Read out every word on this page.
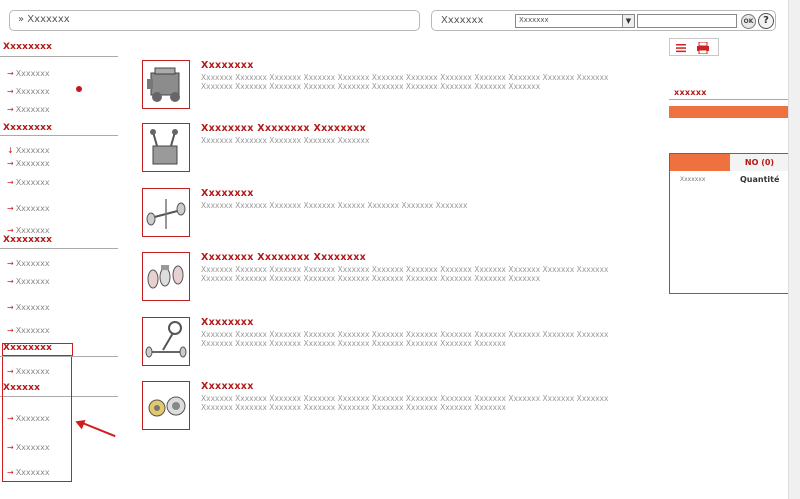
» Xxxxxxx	Xxxxxxx	Xxxxxxx	▼	OK ?
Xxxxxxxx
→ Xxxxxxx
→ Xxxxxxx
→ Xxxxxxx
Xxxxxxxx
↓ Xxxxxxx
→ Xxxxxxx
→ Xxxxxxx
→ Xxxxxxx
→ Xxxxxxx
Xxxxxxxx
→ Xxxxxxx
→ Xxxxxxx
→ Xxxxxxx
→ Xxxxxxx
Xxxxxxxx
→ Xxxxxxx
Xxxxxx
→ Xxxxxxx
→ Xxxxxxx
→ Xxxxxxx
Xxxxxxxx
Xxxxxxx Xxxxxxx Xxxxxxx Xxxxxxx Xxxxxxx Xxxxxxx Xxxxxxx Xxxxxxx Xxxxxxx Xxxxxxx Xxxxxxx Xxxxxxx Xxxxxxx Xxxxxxx Xxxxxxx Xxxxxxx Xxxxxxx Xxxxxxx Xxxxxxx Xxxxxxx Xxxxxxx Xxxxxxx
Xxxxxxxx Xxxxxxxx Xxxxxxxx
Xxxxxxx Xxxxxxx Xxxxxxx Xxxxxxx Xxxxxxx
Xxxxxxxx
Xxxxxxx Xxxxxxx Xxxxxxx Xxxxxxx Xxxxxx Xxxxxxx Xxxxxxx Xxxxxxx
Xxxxxxxx Xxxxxxxx Xxxxxxxx
Xxxxxxx Xxxxxxx Xxxxxxx Xxxxxxx Xxxxxxx Xxxxxxx Xxxxxxx Xxxxxxx Xxxxxxx Xxxxxxx Xxxxxxx Xxxxxxx Xxxxxxx Xxxxxxx Xxxxxxx Xxxxxxx Xxxxxxx Xxxxxxx Xxxxxxx Xxxxxxx Xxxxxxx Xxxxxxx
Xxxxxxxx
Xxxxxxx Xxxxxxx Xxxxxxx Xxxxxxx Xxxxxxx Xxxxxxx Xxxxxxx Xxxxxxx Xxxxxxx Xxxxxxx Xxxxxxx Xxxxxxx Xxxxxxx Xxxxxxx Xxxxxxx Xxxxxxx Xxxxxxx Xxxxxxx Xxxxxxx Xxxxxxx Xxxxxxx
Xxxxxxxx
Xxxxxxx Xxxxxxx Xxxxxxx Xxxxxxx Xxxxxxx Xxxxxxx Xxxxxxx Xxxxxxx Xxxxxxx Xxxxxxx Xxxxxxx Xxxxxxx Xxxxxxx Xxxxxxx Xxxxxxx Xxxxxxx Xxxxxxx Xxxxxxx Xxxxxxx Xxxxxxx Xxxxxxx
xxxxxx
NO (0)
Xxxxxxx	Quantité
